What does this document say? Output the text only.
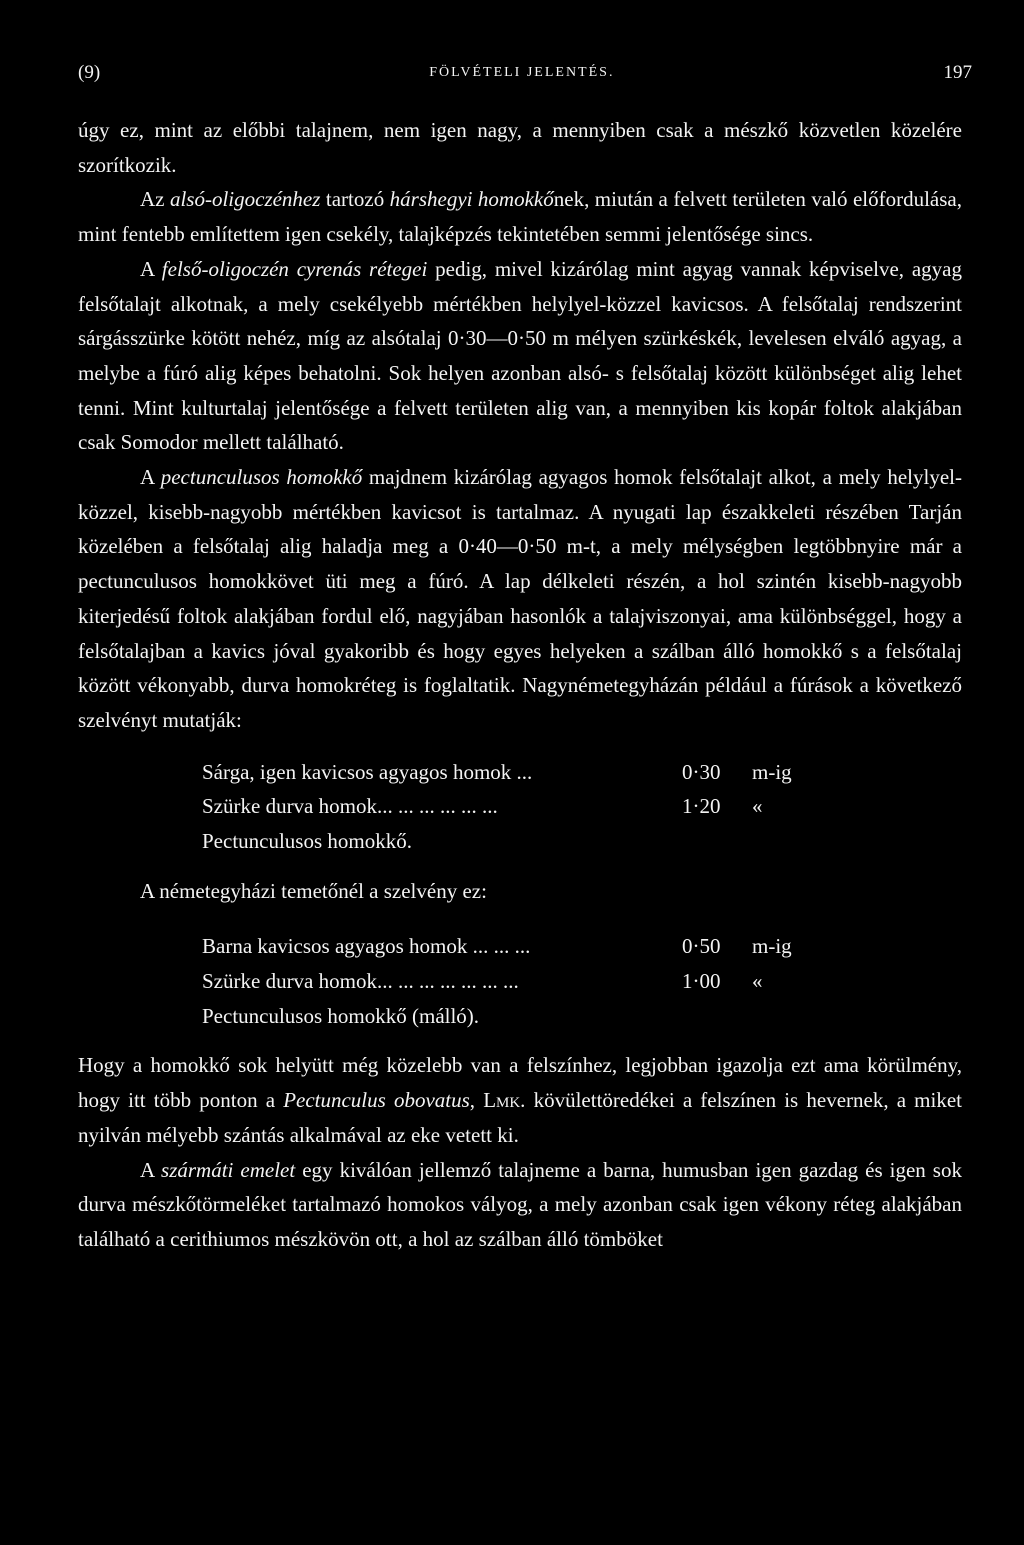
(9)	FÖLVÉTELI JELENTÉS.	197

úgy ez, mint az előbbi talajnem, nem igen nagy, a mennyiben csak a mészkő közvetlen közelére szorítkozik.

Az alsó-oligoczénhez tartozó hárshegyi homokkőnek, miután a felvett területen való előfordulása, mint fentebb említettem igen csekély, talajképzés tekintetében semmi jelentősége sincs.

A felső-oligoczén cyrenás rétegei pedig, mivel kizárólag mint agyag vannak képviselve, agyag felsőtalajt alkotnak, a mely csekélyebb mértékben helylyel-közzel kavicsos. A felsőtalaj rendszerint sárgásszürke kötött nehéz, míg az alsótalaj 0·30—0·50 m mélyen szürkéskék, levelesen elváló agyag, a melybe a fúró alig képes behatolni. Sok helyen azonban alsó- s felsőtalaj között különbséget alig lehet tenni. Mint kulturtalaj jelentősége a felvett területen alig van, a mennyiben kis kopár foltok alakjában csak Somodor mellett található.

A pectunculusos homokkő majdnem kizárólag agyagos homok felsőtalajt alkot, a mely helylyel-közzel, kisebb-nagyobb mértékben kavicsot is tartalmaz. A nyugati lap északkeleti részében Tarján közelében a felsőtalaj alig haladja meg a 0·40—0·50 m-t, a mely mélységben legtöbbnyire már a pectunculusos homokkövet üti meg a fúró. A lap délkeleti részén, a hol szintén kisebb-nagyobb kiterjedésű foltok alakjában fordul elő, nagyjában hasonlók a talajviszonyai, ama különbséggel, hogy a felsőtalajban a kavics jóval gyakoribb és hogy egyes helyeken a szálban álló homokkő s a felsőtalaj között vékonyabb, durva homokréteg is foglaltatik. Nagynémetegyházán például a fúrások a következő szelvényt mutatják:

Sárga, igen kavicsos agyagos homok ...	0·30	m-ig
Szürke durva homok... ... ... ... ... ...	1·20	«
Pectunculusos homokkő.

A németegyházi temetőnél a szelvény ez:

Barna kavicsos agyagos homok ... ... ...	0·50	m-ig
Szürke durva homok... ... ... ... ... ... ...	1·00	«
Pectunculusos homokkő (málló).

Hogy a homokkő sok helyütt még közelebb van a felszínhez, legjobban igazolja ezt ama körülmény, hogy itt több ponton a Pectunculus obovatus, Lmk. kövülettöredékei a felszínen is hevernek, a miket nyilván mélyebb szántás alkalmával az eke vetett ki.

A szármáti emelet egy kiválóan jellemző talajneme a barna, humusban igen gazdag és igen sok durva mészkőtörmeléket tartalmazó homokos vályog, a mely azonban csak igen vékony réteg alakjában található a cerithiumos mészkövön ott, a hol az szálban álló tömböket
